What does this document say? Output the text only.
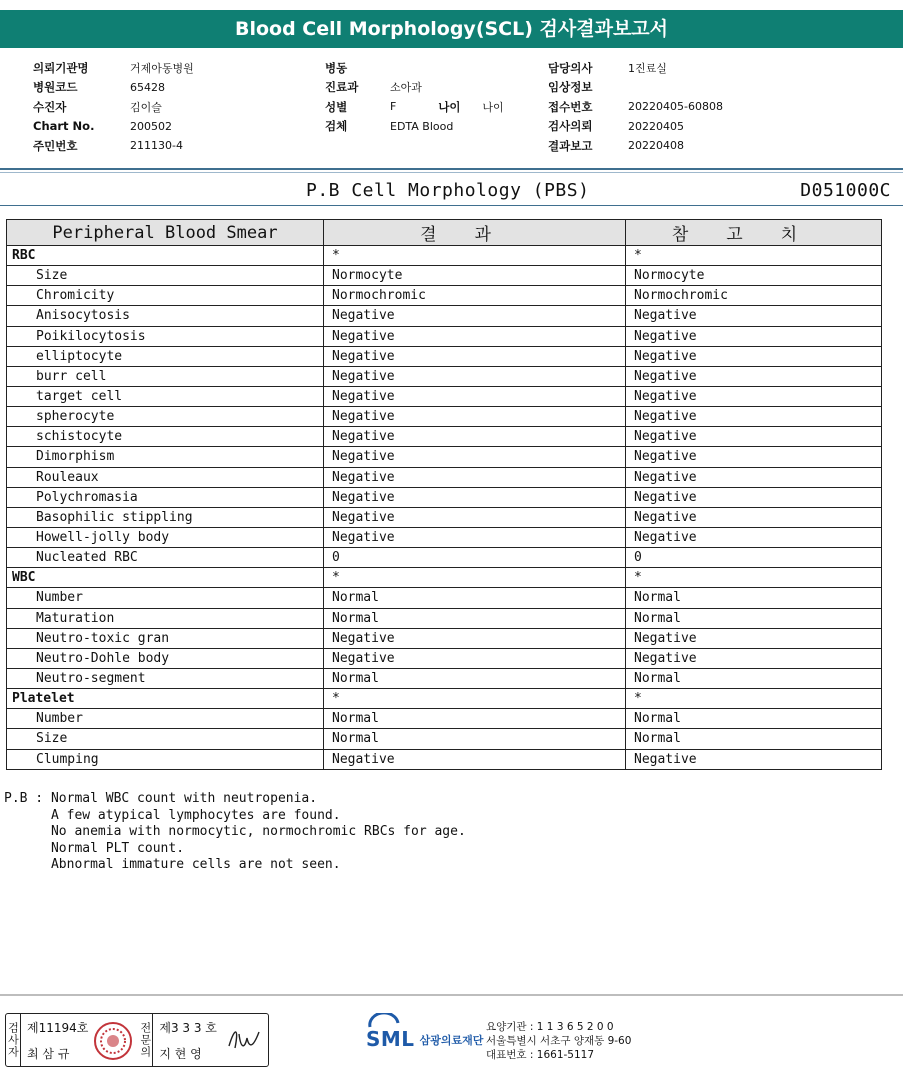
Blood Cell Morphology(SCL) 검사결과보고서
의뢰기관명	거제아동병원
병원코드	65428
수진자	김이슬
Chart No.	200502
주민번호	211130-4
병동
진료과	소아과
성별	F	나이	나이
검체	EDTA Blood
담당의사	1진료실
임상정보
접수번호	20220405-60808
검사의뢰	20220405
결과보고	20220408
P.B Cell Morphology (PBS)	D051000C
Peripheral Blood Smear	결과	참고치
RBC	*	*
Size	Normocyte	Normocyte
Chromicity	Normochromic	Normochromic
Anisocytosis	Negative	Negative
Poikilocytosis	Negative	Negative
elliptocyte	Negative	Negative
burr cell	Negative	Negative
target cell	Negative	Negative
spherocyte	Negative	Negative
schistocyte	Negative	Negative
Dimorphism	Negative	Negative
Rouleaux	Negative	Negative
Polychromasia	Negative	Negative
Basophilic stippling	Negative	Negative
Howell-jolly body	Negative	Negative
Nucleated RBC	0	0
WBC	*	*
Number	Normal	Normal
Maturation	Normal	Normal
Neutro-toxic gran	Negative	Negative
Neutro-Dohle body	Negative	Negative
Neutro-segment	Normal	Normal
Platelet	*	*
Number	Normal	Normal
Size	Normal	Normal
Clumping	Negative	Negative
P.B : Normal WBC count with neutropenia.
A few atypical lymphocytes are found.
No anemia with normocytic, normochromic RBCs for age.
Normal PLT count.
Abnormal immature cells are not seen.
검사자 제11194호
최 삼 규	전문의 제3 3 3 호
지 현 영
SML 삼광의료재단
요양기관 : 1 1 3 6 5 2 0 0
서울특별시 서초구 양재동 9-60
대표번호 : 1661-5117
